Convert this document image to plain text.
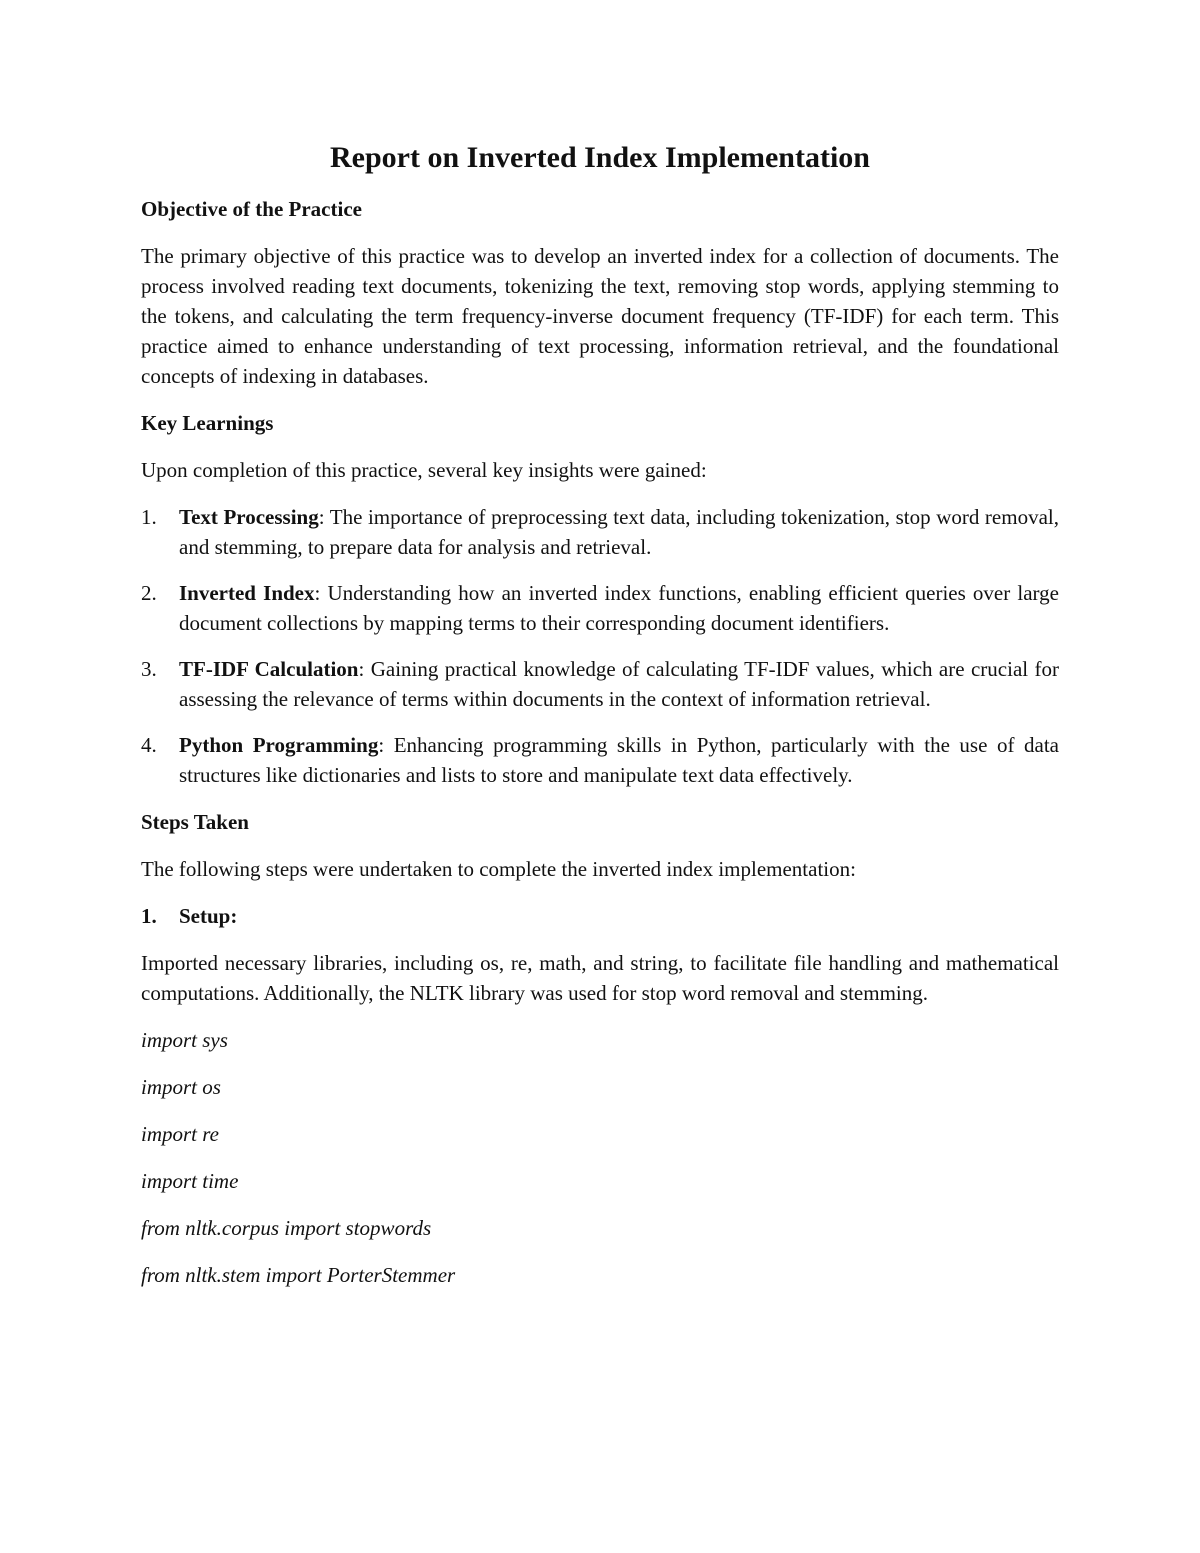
Report on Inverted Index Implementation
Objective of the Practice

The primary objective of this practice was to develop an inverted index for a collection of documents. The process involved reading text documents, tokenizing the text, removing stop words, applying stemming to the tokens, and calculating the term frequency-inverse document frequency (TF-IDF) for each term. This practice aimed to enhance understanding of text processing, information retrieval, and the foundational concepts of indexing in databases.

Key Learnings

Upon completion of this practice, several key insights were gained:

1. Text Processing: The importance of preprocessing text data, including tokenization, stop word removal, and stemming, to prepare data for analysis and retrieval.
2. Inverted Index: Understanding how an inverted index functions, enabling efficient queries over large document collections by mapping terms to their corresponding document identifiers.
3. TF-IDF Calculation: Gaining practical knowledge of calculating TF-IDF values, which are crucial for assessing the relevance of terms within documents in the context of information retrieval.
4. Python Programming: Enhancing programming skills in Python, particularly with the use of data structures like dictionaries and lists to store and manipulate text data effectively.
Steps Taken

The following steps were undertaken to complete the inverted index implementation:

1. Setup:

Imported necessary libraries, including os, re, math, and string, to facilitate file handling and mathematical computations. Additionally, the NLTK library was used for stop word removal and stemming.

import sys
import os
import re
import time
from nltk.corpus import stopwords
from nltk.stem import PorterStemmer
